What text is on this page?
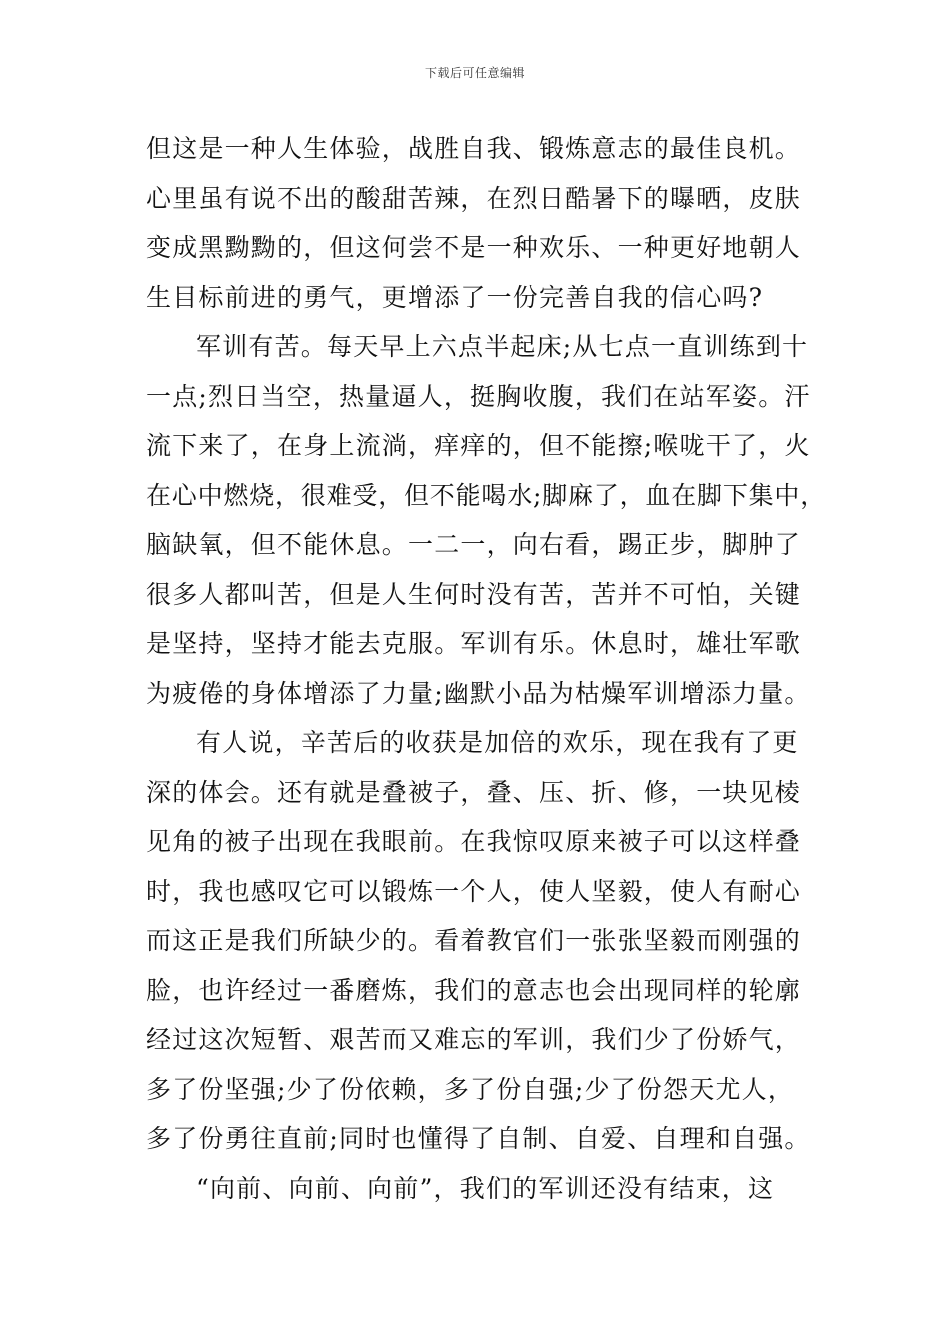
下载后可任意编辑
但这是一种人生体验，战胜自我、锻炼意志的最佳良机。
心里虽有说不出的酸甜苦辣，在烈日酷暑下的曝晒，皮肤
变成黑黝黝的，但这何尝不是一种欢乐、一种更好地朝人
生目标前进的勇气，更增添了一份完善自我的信心吗?
军训有苦。每天早上六点半起床;从七点一直训练到十
一点;烈日当空，热量逼人，挺胸收腹，我们在站军姿。汗
流下来了，在身上流淌，痒痒的，但不能擦;喉咙干了，火
在心中燃烧，很难受，但不能喝水;脚麻了，血在脚下集中，
脑缺氧，但不能休息。一二一，向右看，踢正步，脚肿了
很多人都叫苦，但是人生何时没有苦，苦并不可怕，关键
是坚持，坚持才能去克服。军训有乐。休息时，雄壮军歌
为疲倦的身体增添了力量;幽默小品为枯燥军训增添力量。
有人说，辛苦后的收获是加倍的欢乐，现在我有了更
深的体会。还有就是叠被子，叠、压、折、修，一块见棱
见角的被子出现在我眼前。在我惊叹原来被子可以这样叠
时，我也感叹它可以锻炼一个人，使人坚毅，使人有耐心
而这正是我们所缺少的。看着教官们一张张坚毅而刚强的
脸，也许经过一番磨炼，我们的意志也会出现同样的轮廓
经过这次短暂、艰苦而又难忘的军训，我们少了份娇气，
多了份坚强;少了份依赖，多了份自强;少了份怨天尤人，
多了份勇往直前;同时也懂得了自制、自爱、自理和自强。
“向前、向前、向前”，我们的军训还没有结束，这
